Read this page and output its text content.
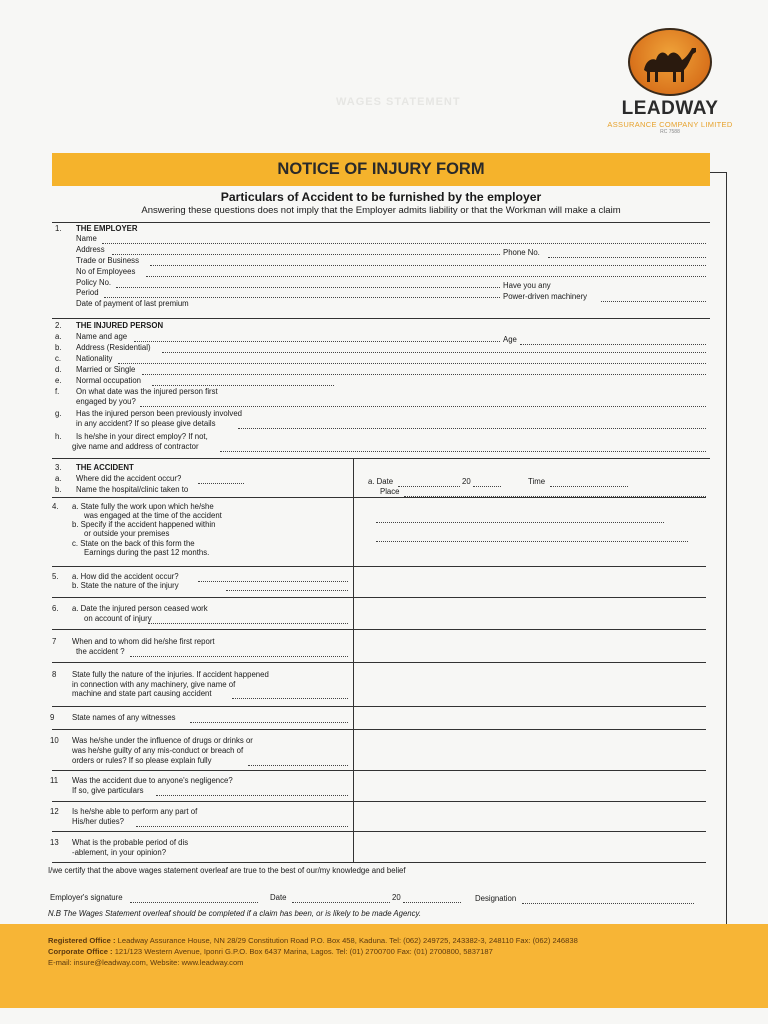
LEADWAY
ASSURANCE COMPANY LIMITED
RC 7588
WAGES STATEMENT
NOTICE OF INJURY FORM
Particulars of Accident to be furnished by the employer
Answering these questions does not imply that the Employer admits liability or that the Workman will make a claim
1. THE EMPLOYER
Name
Address	Phone No.
Trade or Business
No of Employees
Policy No.	Have you any
Period	Power-driven machinery
Date of payment of last premium
2. THE INJURED PERSON
a. Name and age	Age
b. Address (Residential)
c. Nationality
d. Married or Single
e. Normal occupation
f. On what date was the injured person first
engaged by you?
g. Has the injured person been previously involved
in any accident? If so please give details
h. Is he/she in your direct employ? If not,
give name and address of contractor
3. THE ACCIDENT
a. Where did the accident occur?
b. Name the hospital/clinic taken to
a. Date	20	Time
Place
4. a. State fully the work upon which he/she
was engaged at the time of the accident
b. Specify if the accident happened within
or outside your premises
c. State on the back of this form the
Earnings during the past 12 months.
5. a. How did the accident occur?
b. State the nature of the injury
6. a. Date the injured person ceased work
on account of injury
7 When and to whom did he/she first report
the accident ?
8 State fully the nature of the injuries. If accident happened
in connection with any machinery, give name of
machine and state part causing accident
9 State names of any witnesses
10 Was he/she under the influence of drugs or drinks or
was he/she guilty of any mis-conduct or breach of
orders or rules? If so please explain fully
11 Was the accident due to anyone's negligence?
If so, give particulars
12 Is he/she able to perform any part of
His/her duties?
13 What is the probable period of dis
-ablement, in your opinion?
I/we certify that the above wages statement overleaf are true to the best of our/my knowledge and belief
Employer's signature	Date	20	Designation
N.B The Wages Statement overleaf should be completed if a claim has been, or is likely to be made Agency.
Registered Office : Leadway Assurance House, NN 28/29 Constitution Road P.O. Box 458, Kaduna. Tel: (062) 249725, 243382-3, 248110 Fax: (062) 246838
Corporate Office : 121/123 Western Avenue, Iponri G.P.O. Box 6437 Marina, Lagos. Tel: (01) 2700700 Fax: (01) 2700800, 5837187
E-mail: insure@leadway.com, Website: www.leadway.com
